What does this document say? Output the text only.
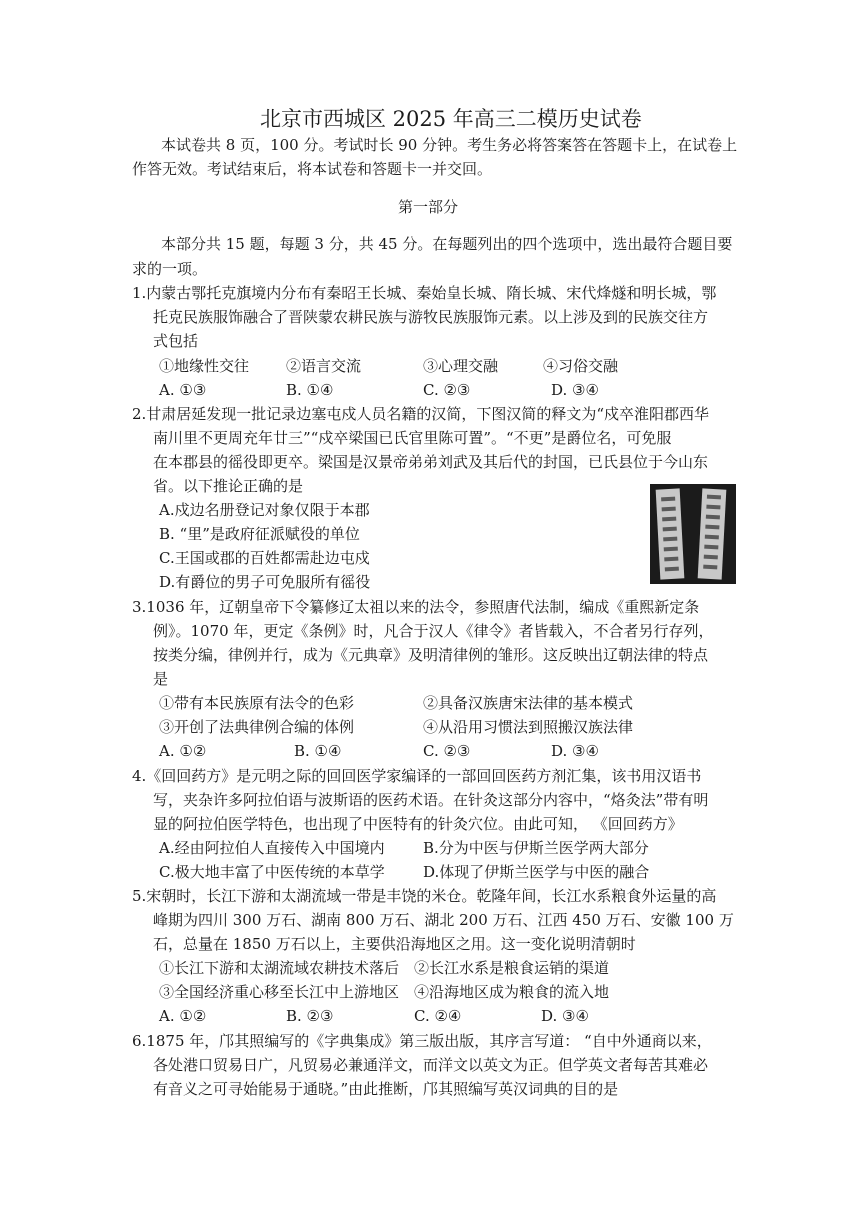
北京市西城区 2025 年高三二模历史试卷
本试卷共 8 页，100 分。考试时长 90 分钟。考生务必将答案答在答题卡上，在试卷上
作答无效。考试结束后，将本试卷和答题卡一并交回。
第一部分
本部分共 15 题，每题 3 分，共 45 分。在每题列出的四个选项中，选出最符合题目要
求的一项。
1.内蒙古鄂托克旗境内分布有秦昭王长城、秦始皇长城、隋长城、宋代烽燧和明长城，鄂
托克民族服饰融合了晋陕蒙农耕民族与游牧民族服饰元素。以上涉及到的民族交往方
式包括
①地缘性交往 ②语言交流	③心理交融	④习俗交融
A. ①③	B. ①④	C. ②③	D. ③④
2.甘肃居延发现一批记录边塞屯戍人员名籍的汉简，下图汉简的释文为“戍卒淮阳郡西华
南川里不更周充年廿三”“戍卒梁国已氏官里陈可置”。“不更”是爵位名，可免服
在本郡县的徭役即更卒。梁国是汉景帝弟弟刘武及其后代的封国，已氏县位于今山东
省。以下推论正确的是
A.戍边名册登记对象仅限于本郡
B. “里”是政府征派赋役的单位
C.王国或郡的百姓都需赴边屯戍
D.有爵位的男子可免服所有徭役
3.1036 年，辽朝皇帝下令纂修辽太祖以来的法令，参照唐代法制，编成《重熙新定条
例》。1070 年，更定《条例》时，凡合于汉人《律令》者皆载入，不合者另行存列，
按类分编，律例并行，成为《元典章》及明清律例的雏形。这反映出辽朝法律的特点
是
①带有本民族原有法令的色彩	②具备汉族唐宋法律的基本模式
③开创了法典律例合编的体例	④从沿用习惯法到照搬汉族法律
A. ①②	B. ①④	C. ②③	D. ③④
4.《回回药方》是元明之际的回回医学家编译的一部回回医药方剂汇集，该书用汉语书
写，夹杂许多阿拉伯语与波斯语的医药术语。在针灸这部分内容中，“烙灸法”带有明
显的阿拉伯医学特色，也出现了中医特有的针灸穴位。由此可知， 《回回药方》
A.经由阿拉伯人直接传入中国境内	B.分为中医与伊斯兰医学两大部分
C.极大地丰富了中医传统的本草学	D.体现了伊斯兰医学与中医的融合
5.宋朝时，长江下游和太湖流域一带是丰饶的米仓。乾隆年间，长江水系粮食外运量的高
峰期为四川 300 万石、湖南 800 万石、湖北 200 万石、江西 450 万石、安徽 100 万
石，总量在 1850 万石以上，主要供沿海地区之用。这一变化说明清朝时
①长江下游和太湖流域农耕技术落后 ②长江水系是粮食运销的渠道
③全国经济重心移至长江中上游地区 ④沿海地区成为粮食的流入地
A. ①②	B. ②③	C. ②④	D. ③④
6.1875 年，邝其照编写的《字典集成》第三版出版，其序言写道： “自中外通商以来，
各处港口贸易日广，凡贸易必兼通洋文，而洋文以英文为正。但学英文者每苦其难必
有音义之可寻始能易于通晓。”由此推断，邝其照编写英汉词典的目的是
